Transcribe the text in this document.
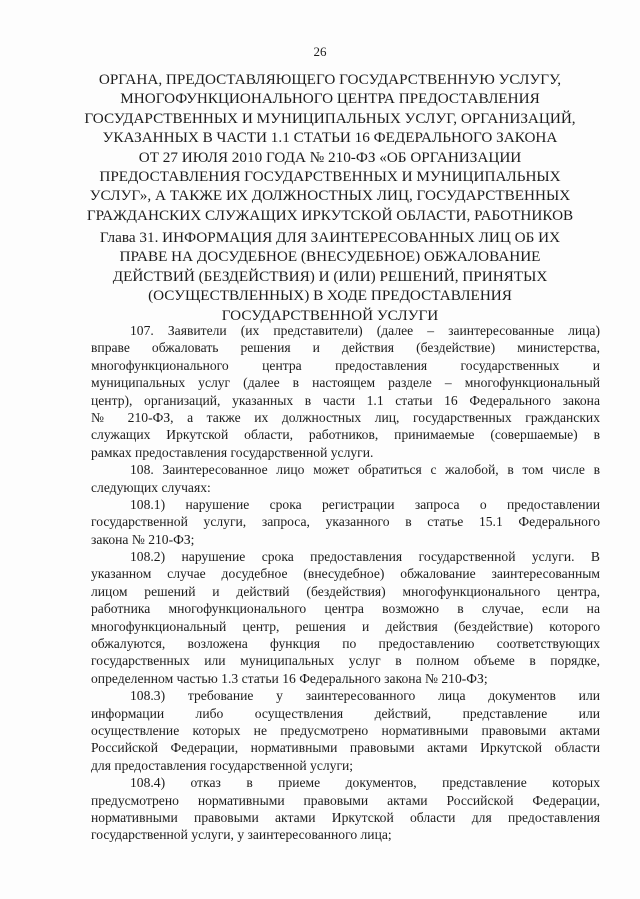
26
ОРГАНА, ПРЕДОСТАВЛЯЮЩЕГО ГОСУДАРСТВЕННУЮ УСЛУГУ,
МНОГОФУНКЦИОНАЛЬНОГО ЦЕНТРА ПРЕДОСТАВЛЕНИЯ
ГОСУДАРСТВЕННЫХ И МУНИЦИПАЛЬНЫХ УСЛУГ, ОРГАНИЗАЦИЙ,
УКАЗАННЫХ В ЧАСТИ 1.1 СТАТЬИ 16 ФЕДЕРАЛЬНОГО ЗАКОНА
ОТ 27 ИЮЛЯ 2010 ГОДА № 210-ФЗ «ОБ ОРГАНИЗАЦИИ
ПРЕДОСТАВЛЕНИЯ ГОСУДАРСТВЕННЫХ И МУНИЦИПАЛЬНЫХ
УСЛУГ», А ТАКЖЕ ИХ ДОЛЖНОСТНЫХ ЛИЦ, ГОСУДАРСТВЕННЫХ
ГРАЖДАНСКИХ СЛУЖАЩИХ ИРКУТСКОЙ ОБЛАСТИ, РАБОТНИКОВ
Глава 31. ИНФОРМАЦИЯ ДЛЯ ЗАИНТЕРЕСОВАННЫХ ЛИЦ ОБ ИХ
ПРАВЕ НА ДОСУДЕБНОЕ (ВНЕСУДЕБНОЕ) ОБЖАЛОВАНИЕ
ДЕЙСТВИЙ (БЕЗДЕЙСТВИЯ) И (ИЛИ) РЕШЕНИЙ, ПРИНЯТЫХ
(ОСУЩЕСТВЛЕННЫХ) В ХОДЕ ПРЕДОСТАВЛЕНИЯ
ГОСУДАРСТВЕННОЙ УСЛУГИ
107. Заявители (их представители) (далее – заинтересованные лица)
вправе обжаловать решения и действия (бездействие) министерства,
многофункционального центра предоставления государственных и
муниципальных услуг (далее в настоящем разделе – многофункциональный
центр), организаций, указанных в части 1.1 статьи 16 Федерального закона
№ 210-ФЗ, а также их должностных лиц, государственных гражданских
служащих Иркутской области, работников, принимаемые (совершаемые) в
рамках предоставления государственной услуги.
108. Заинтересованное лицо может обратиться с жалобой, в том числе в
следующих случаях:
108.1) нарушение срока регистрации запроса о предоставлении
государственной услуги, запроса, указанного в статье 15.1 Федерального
закона № 210-ФЗ;
108.2) нарушение срока предоставления государственной услуги. В
указанном случае досудебное (внесудебное) обжалование заинтересованным
лицом решений и действий (бездействия) многофункционального центра,
работника многофункционального центра возможно в случае, если на
многофункциональный центр, решения и действия (бездействие) которого
обжалуются, возложена функция по предоставлению соответствующих
государственных или муниципальных услуг в полном объеме в порядке,
определенном частью 1.3 статьи 16 Федерального закона № 210-ФЗ;
108.3) требование у заинтересованного лица документов или
информации либо осуществления действий, представление или
осуществление которых не предусмотрено нормативными правовыми актами
Российской Федерации, нормативными правовыми актами Иркутской области
для предоставления государственной услуги;
108.4) отказ в приеме документов, представление которых
предусмотрено нормативными правовыми актами Российской Федерации,
нормативными правовыми актами Иркутской области для предоставления
государственной услуги, у заинтересованного лица;
